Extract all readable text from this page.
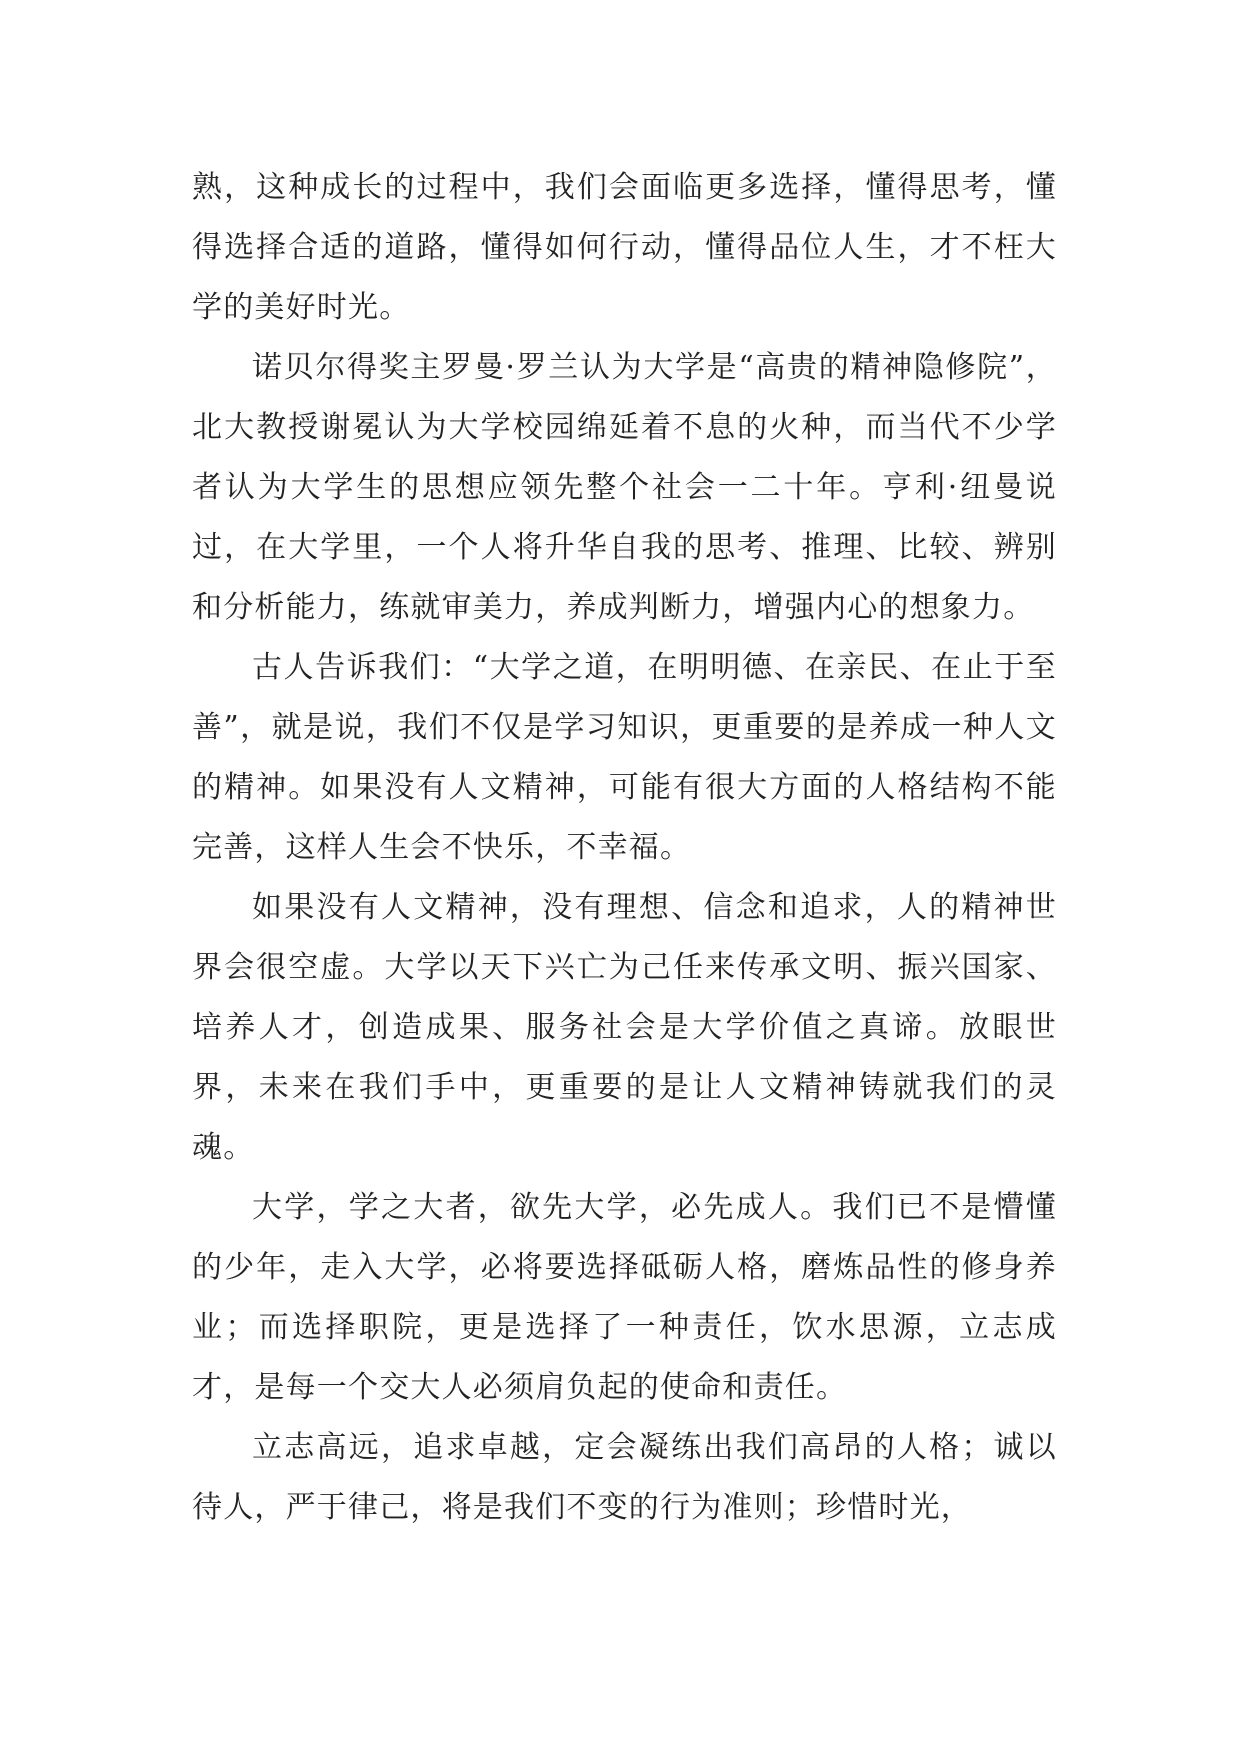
熟，这种成长的过程中，我们会面临更多选择，懂得思考，懂得选择合适的道路，懂得如何行动，懂得品位人生，才不枉大学的美好时光。

诺贝尔得奖主罗曼·罗兰认为大学是“高贵的精神隐修院”，北大教授谢冕认为大学校园绵延着不息的火种，而当代不少学者认为大学生的思想应领先整个社会一二十年。亨利·纽曼说过，在大学里，一个人将升华自我的思考、推理、比较、辨别和分析能力，练就审美力，养成判断力，增强内心的想象力。

古人告诉我们：“大学之道，在明明德、在亲民、在止于至善”，就是说，我们不仅是学习知识，更重要的是养成一种人文的精神。如果没有人文精神，可能有很大方面的人格结构不能完善，这样人生会不快乐，不幸福。

如果没有人文精神，没有理想、信念和追求，人的精神世界会很空虚。大学以天下兴亡为己任来传承文明、振兴国家、培养人才，创造成果、服务社会是大学价值之真谛。放眼世界，未来在我们手中，更重要的是让人文精神铸就我们的灵魂。

大学，学之大者，欲先大学，必先成人。我们已不是懵懂的少年，走入大学，必将要选择砥砺人格，磨炼品性的修身养业；而选择职院，更是选择了一种责任，饮水思源，立志成才，是每一个交大人必须肩负起的使命和责任。

立志高远，追求卓越，定会凝练出我们高昂的人格；诚以待人，严于律己，将是我们不变的行为准则；珍惜时光，
